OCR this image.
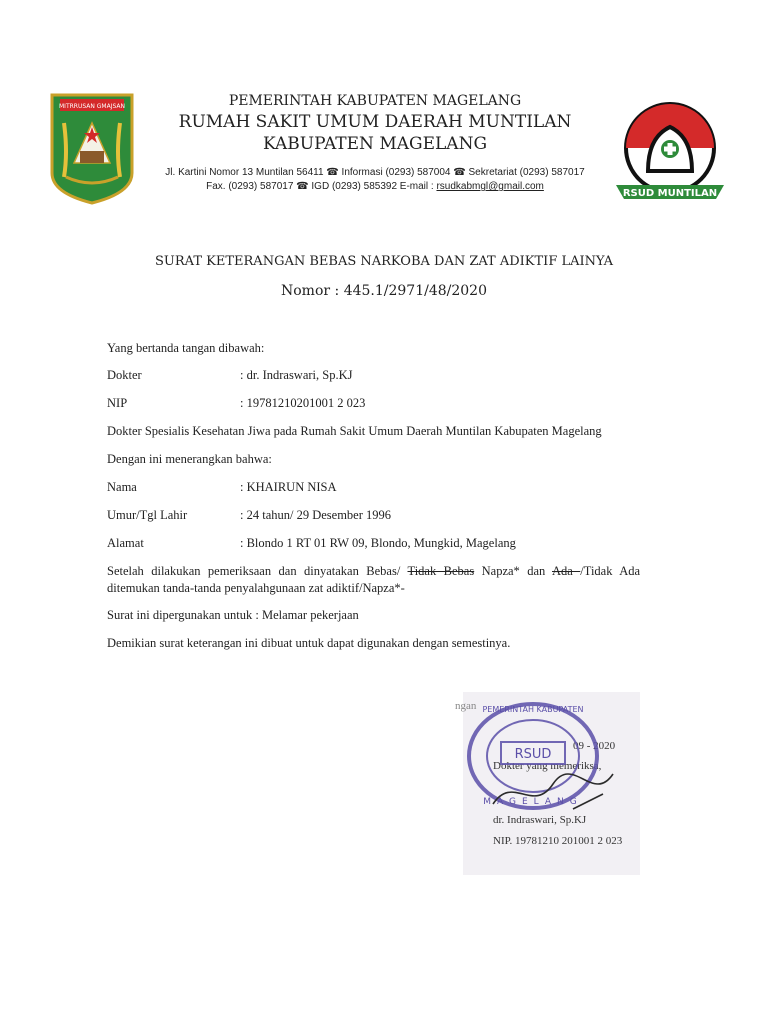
MITRRUSAN GMAJSAN
RSUD MUNTILAN
PEMERINTAH KABUPATEN MAGELANG
RUMAH SAKIT UMUM DAERAH MUNTILAN
KABUPATEN MAGELANG
Jl. Kartini Nomor 13 Muntilan 56411 ☎ Informasi (0293) 587004 ☎ Sekretariat (0293) 587017
Fax. (0293) 587017 ☎ IGD (0293) 585392 E-mail : rsudkabmgl@gmail.com
SURAT KETERANGAN BEBAS NARKOBA DAN ZAT ADIKTIF LAINYA
Nomor : 445.1/2971/48/2020
Yang bertanda tangan dibawah:
Dokter	: dr. Indraswari, Sp.KJ
NIP	: 19781210201001 2 023
Dokter Spesialis Kesehatan Jiwa pada Rumah Sakit Umum Daerah Muntilan Kabupaten Magelang
Dengan ini menerangkan bahwa:
Nama	: KHAIRUN NISA
Umur/Tgl Lahir	: 24 tahun/ 29 Desember 1996
Alamat	: Blondo 1 RT 01 RW 09, Blondo, Mungkid, Magelang
Setelah dilakukan pemeriksaan dan dinyatakan Bebas/ Tidak Bebas Napza* dan Ada /Tidak Ada ditemukan tanda-tanda penyalahgunaan zat adiktif/Napza*-
Surat ini dipergunakan untuk : Melamar pekerjaan
Demikian surat keterangan ini dibuat untuk dapat digunakan dengan semestinya.
ngan
09 - 2020
Dokter yang memeriksa,
RSUD
PEMERINTAH KABUPATEN
MAGELANG
dr. Indraswari, Sp.KJ
NIP. 19781210 201001 2 023
